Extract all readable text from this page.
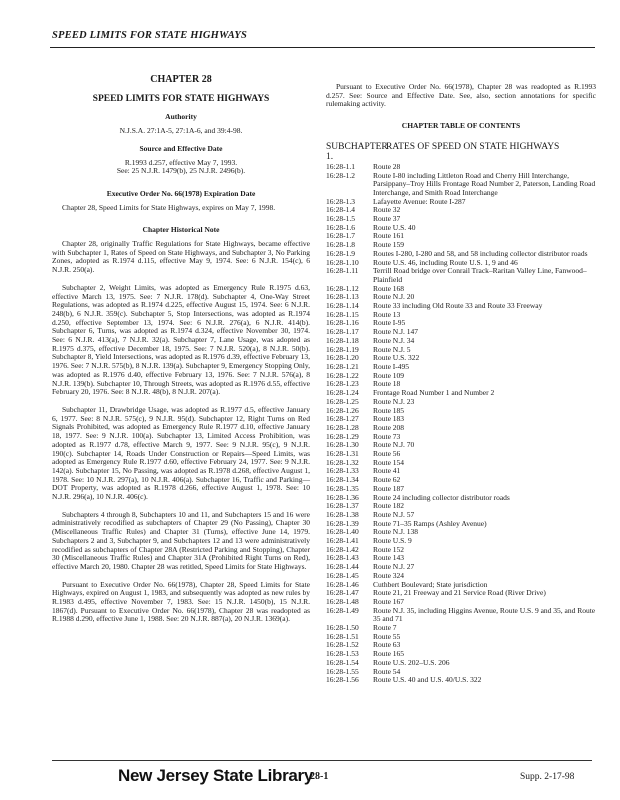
SPEED LIMITS FOR STATE HIGHWAYS
CHAPTER 28
SPEED LIMITS FOR STATE HIGHWAYS
Authority
N.J.S.A. 27:1A-5, 27:1A-6, and 39:4-98.
Source and Effective Date
R.1993 d.257, effective May 7, 1993.
See: 25 N.J.R. 1479(b), 25 N.J.R. 2496(b).
Executive Order No. 66(1978) Expiration Date

Chapter 28, Speed Limits for State Highways, expires on May 7, 1998.

Chapter Historical Note

Chapter 28, originally Traffic Regulations for State Highways, became effective with Subchapter 1, Rates of Speed on State Highways, and Subchapter 3, No Parking Zones, adopted as R.1974 d.115, effective May 9, 1974. See: 6 N.J.R. 154(c), 6 N.J.R. 250(a).

Subchapter 2, Weight Limits, was adopted as Emergency Rule R.1975 d.63, effective March 13, 1975. See: 7 N.J.R. 178(d). Subchapter 4, One-Way Street Regulations, was adopted as R.1974 d.225, effective August 15, 1974. See: 6 N.J.R. 248(b), 6 N.J.R. 359(c). Subchapter 5, Stop Intersections, was adopted as R.1974 d.250, effective September 13, 1974. See: 6 N.J.R. 276(a), 6 N.J.R. 414(b). Subchapter 6, Turns, was adopted as R.1974 d.324, effective November 30, 1974. See: 6 N.J.R. 413(a), 7 N.J.R. 32(a). Subchapter 7, Lane Usage, was adopted as R.1975 d.375, effective December 18, 1975. See: 7 N.J.R. 520(a), 8 N.J.R. 50(b). Subchapter 8, Yield Intersections, was adopted as R.1976 d.39, effective February 13, 1976. See: 7 N.J.R. 575(b), 8 N.J.R. 139(a). Subchapter 9, Emergency Stopping Only, was adopted as R.1976 d.40, effective February 13, 1976. See: 7 N.J.R. 576(a), 8 N.J.R. 139(b). Subchapter 10, Through Streets, was adopted as R.1976 d.55, effective February 20, 1976. See: 8 N.J.R. 48(b), 8 N.J.R. 207(a).

Subchapter 11, Drawbridge Usage, was adopted as R.1977 d.5, effective January 6, 1977. See: 8 N.J.R. 575(c), 9 N.J.R. 95(d). Subchapter 12, Right Turns on Red Signals Prohibited, was adopted as Emergency Rule R.1977 d.10, effective January 18, 1977. See: 9 N.J.R. 100(a). Subchapter 13, Limited Access Prohibition, was adopted as R.1977 d.78, effective March 9, 1977. See: 9 N.J.R. 95(c), 9 N.J.R. 190(c). Subchapter 14, Roads Under Construction or Repairs—Speed Limits, was adopted as Emergency Rule R.1977 d.60, effective February 24, 1977. See: 9 N.J.R. 142(a). Subchapter 15, No Passing, was adopted as R.1978 d.268, effective August 1, 1978. See: 10 N.J.R. 297(a), 10 N.J.R. 406(a). Subchapter 16, Traffic and Parking—DOT Property, was adopted as R.1978 d.266, effective August 1, 1978. See: 10 N.J.R. 296(a), 10 N.J.R. 406(c).

Subchapters 4 through 8, Subchapters 10 and 11, and Subchapters 15 and 16 were administratively recodified as subchapters of Chapter 29 (No Passing), Chapter 30 (Miscellaneous Traffic Rules) and Chapter 31 (Turns), effective June 14, 1979. Subchapters 2 and 3, Subchapter 9, and Subchapters 12 and 13 were administratively recodified as subchapters of Chapter 28A (Restricted Parking and Stopping), Chapter 30 (Miscellaneous Traffic Rules) and Chapter 31A (Prohibited Right Turns on Red), effective March 20, 1980. Chapter 28 was retitled, Speed Limits for State Highways.

Pursuant to Executive Order No. 66(1978), Chapter 28, Speed Limits for State Highways, expired on August 1, 1983, and subsequently was adopted as new rules by R.1983 d.495, effective November 7, 1983. See: 15 N.J.R. 1450(b), 15 N.J.R. 1867(d). Pursuant to Executive Order No. 66(1978), Chapter 28 was readopted as R.1988 d.290, effective June 1, 1988. See: 20 N.J.R. 887(a), 20 N.J.R. 1369(a).

Pursuant to Executive Order No. 66(1978), Chapter 28 was readopted as R.1993 d.257. See: Source and Effective Date. See, also, section annotations for specific rulemaking activity.

CHAPTER TABLE OF CONTENTS
SUBCHAPTER 1.
RATES OF SPEED ON STATE HIGHWAYS
16:28-1.1	Route 28
16:28-1.2	Route I-80 including Littleton Road and Cherry Hill Interchange, Parsippany–Troy Hills Frontage Road Number 2, Paterson, Landing Road Interchange, and Smith Road Interchange
16:28-1.3	Lafayette Avenue: Route I-287
16:28-1.4	Route 32
16:28-1.5	Route 37
16:28-1.6	Route U.S. 40
16:28-1.7	Route 161
16:28-1.8	Route 159
16:28-1.9	Routes I-280, I-280 and 58, and 58 including collector distributor roads
16:28-1.10	Route U.S. 46, including Route U.S. 1, 9 and 46
16:28-1.11	Terrill Road bridge over Conrail Track–Raritan Valley Line, Fanwood–Plainfield
16:28-1.12	Route 168
16:28-1.13	Route N.J. 20
16:28-1.14	Route 33 including Old Route 33 and Route 33 Freeway
16:28-1.15	Route 13
16:28-1.16	Route I-95
16:28-1.17	Route N.J. 147
16:28-1.18	Route N.J. 34
16:28-1.19	Route N.J. 5
16:28-1.20	Route U.S. 322
16:28-1.21	Route I-495
16:28-1.22	Route 109
16:28-1.23	Route 18
16:28-1.24	Frontage Road Number 1 and Number 2
16:28-1.25	Route N.J. 23
16:28-1.26	Route 185
16:28-1.27	Route 183
16:28-1.28	Route 208
16:28-1.29	Route 73
16:28-1.30	Route N.J. 70
16:28-1.31	Route 56
16:28-1.32	Route 154
16:28-1.33	Route 41
16:28-1.34	Route 62
16:28-1.35	Route 187
16:28-1.36	Route 24 including collector distributor roads
16:28-1.37	Route 182
16:28-1.38	Route N.J. 57
16:28-1.39	Route 71–35 Ramps (Ashley Avenue)
16:28-1.40	Route N.J. 138
16:28-1.41	Route U.S. 9
16:28-1.42	Route 152
16:28-1.43	Route 143
16:28-1.44	Route N.J. 27
16:28-1.45	Route 324
16:28-1.46	Cuthbert Boulevard; State jurisdiction
16:28-1.47	Route 21, 21 Freeway and 21 Service Road (River Drive)
16:28-1.48	Route 167
16:28-1.49	Route N.J. 35, including Higgins Avenue, Route U.S. 9 and 35, and Route 35 and 71
16:28-1.50	Route 7
16:28-1.51	Route 55
16:28-1.52	Route 63
16:28-1.53	Route 165
16:28-1.54	Route U.S. 202–U.S. 206
16:28-1.55	Route 54
16:28-1.56	Route U.S. 40 and U.S. 40/U.S. 322
New Jersey State Library
28-1	Supp. 2-17-98
